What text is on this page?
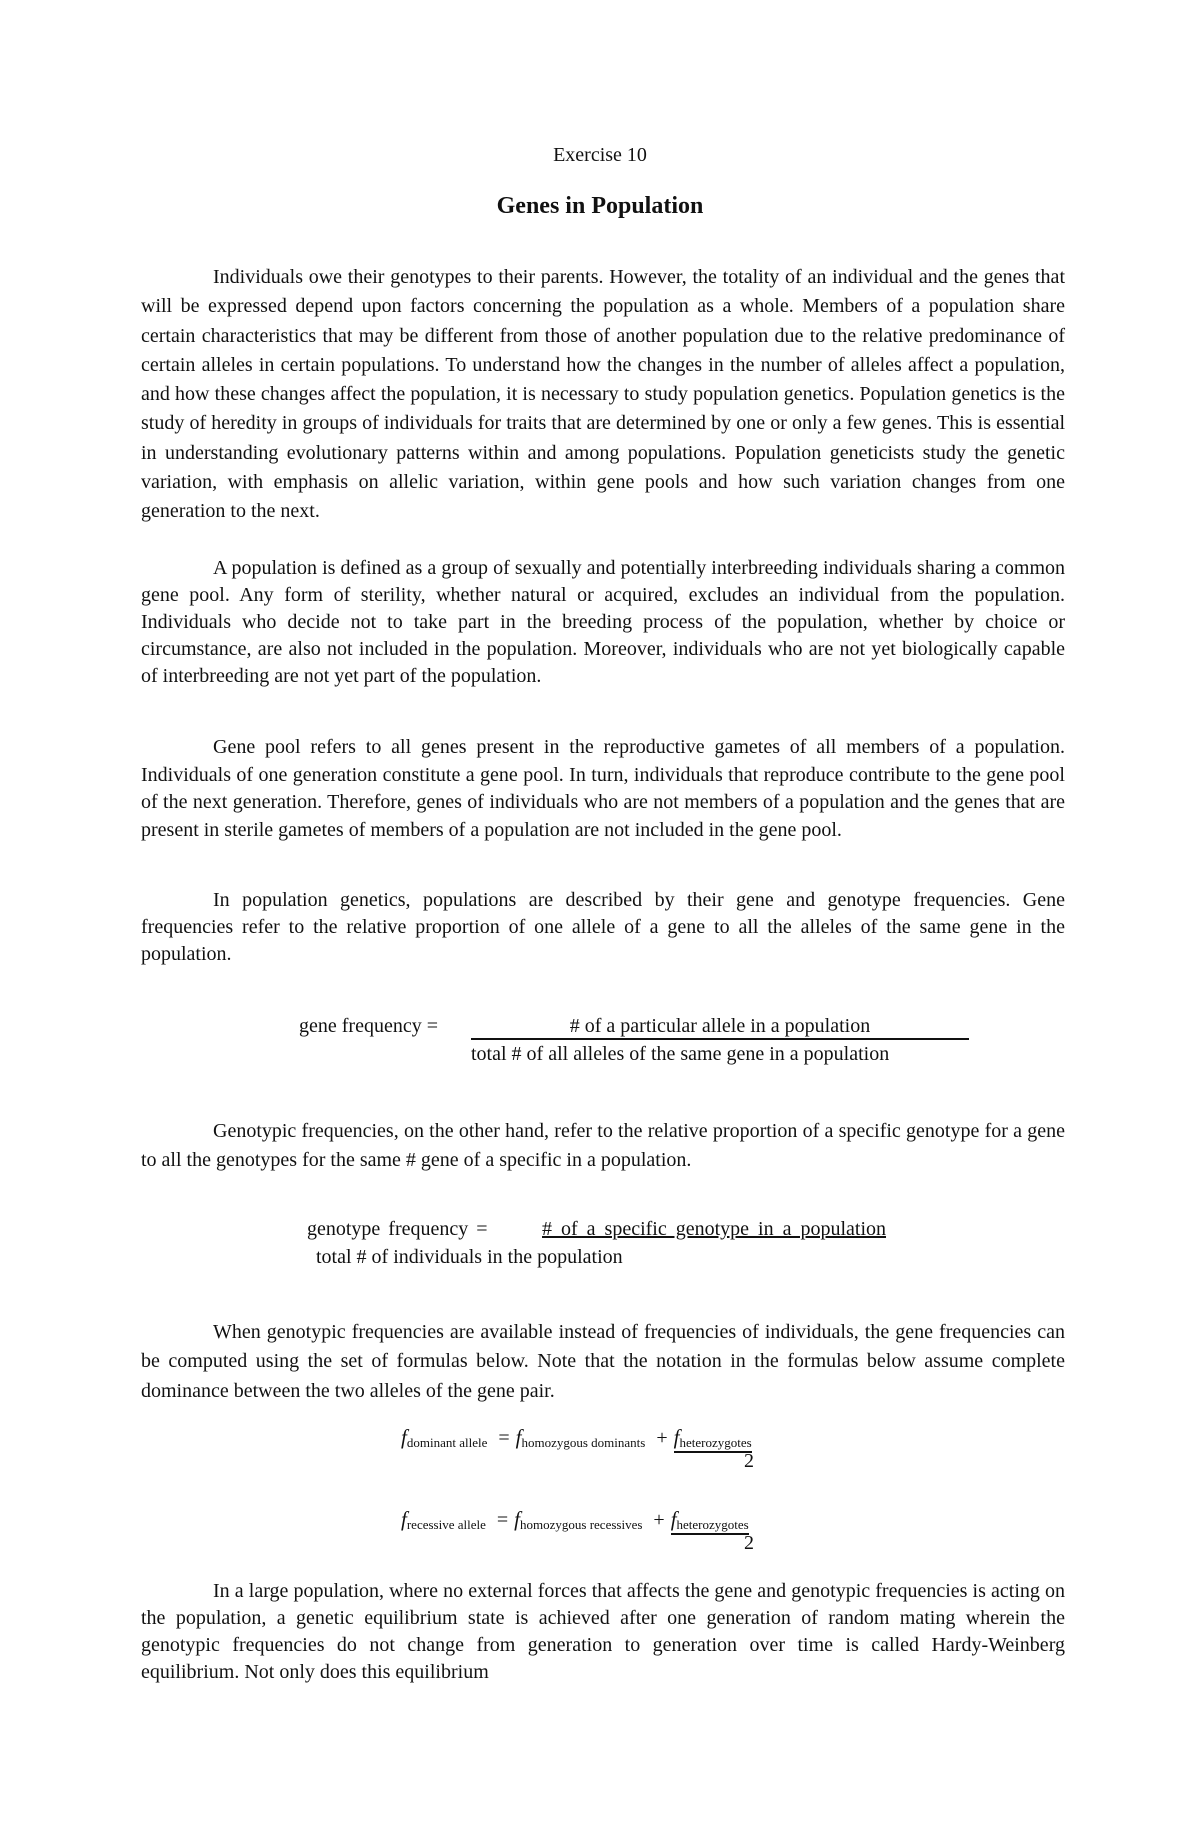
Exercise 10
Genes in Population

Individuals owe their genotypes to their parents. However, the totality of an individual and the genes that will be expressed depend upon factors concerning the population as a whole. Members of a population share certain characteristics that may be different from those of another population due to the relative predominance of certain alleles in certain populations. To understand how the changes in the number of alleles affect a population, and how these changes affect the population, it is necessary to study population genetics. Population genetics is the study of heredity in groups of individuals for traits that are determined by one or only a few genes. This is essential in understanding evolutionary patterns within and among populations. Population geneticists study the genetic variation, with emphasis on allelic variation, within gene pools and how such variation changes from one generation to the next.

A population is defined as a group of sexually and potentially interbreeding individuals sharing a common gene pool. Any form of sterility, whether natural or acquired, excludes an individual from the population. Individuals who decide not to take part in the breeding process of the population, whether by choice or circumstance, are also not included in the population. Moreover, individuals who are not yet biologically capable of interbreeding are not yet part of the population.

Gene pool refers to all genes present in the reproductive gametes of all members of a population. Individuals of one generation constitute a gene pool. In turn, individuals that reproduce contribute to the gene pool of the next generation. Therefore, genes of individuals who are not members of a population and the genes that are present in sterile gametes of members of a population are not included in the gene pool.

In population genetics, populations are described by their gene and genotype frequencies. Gene frequencies refer to the relative proportion of one allele of a gene to all the alleles of the same gene in the population.

gene frequency =	# of a particular allele in a population
total # of all alleles of the same gene in a population

Genotypic frequencies, on the other hand, refer to the relative proportion of a specific genotype for a gene to all the genotypes for the same # gene of a specific in a population.

genotype frequency =	# of a specific genotype in a population
total # of individuals in the population

When genotypic frequencies are available instead of frequencies of individuals, the gene frequencies can be computed using the set of formulas below. Note that the notation in the formulas below assume complete dominance between the two alleles of the gene pair.

$f_{dominant allele} = f_{homozygous dominants} + f_{heterozygotes}$
2
$f_{recessive allele} = f_{homozygous recessives} + f_{heterozygotes}$
2

In a large population, where no external forces that affects the gene and genotypic frequencies is acting on the population, a genetic equilibrium state is achieved after one generation of random mating wherein the genotypic frequencies do not change from generation to generation over time is called Hardy-Weinberg equilibrium. Not only does this equilibrium
